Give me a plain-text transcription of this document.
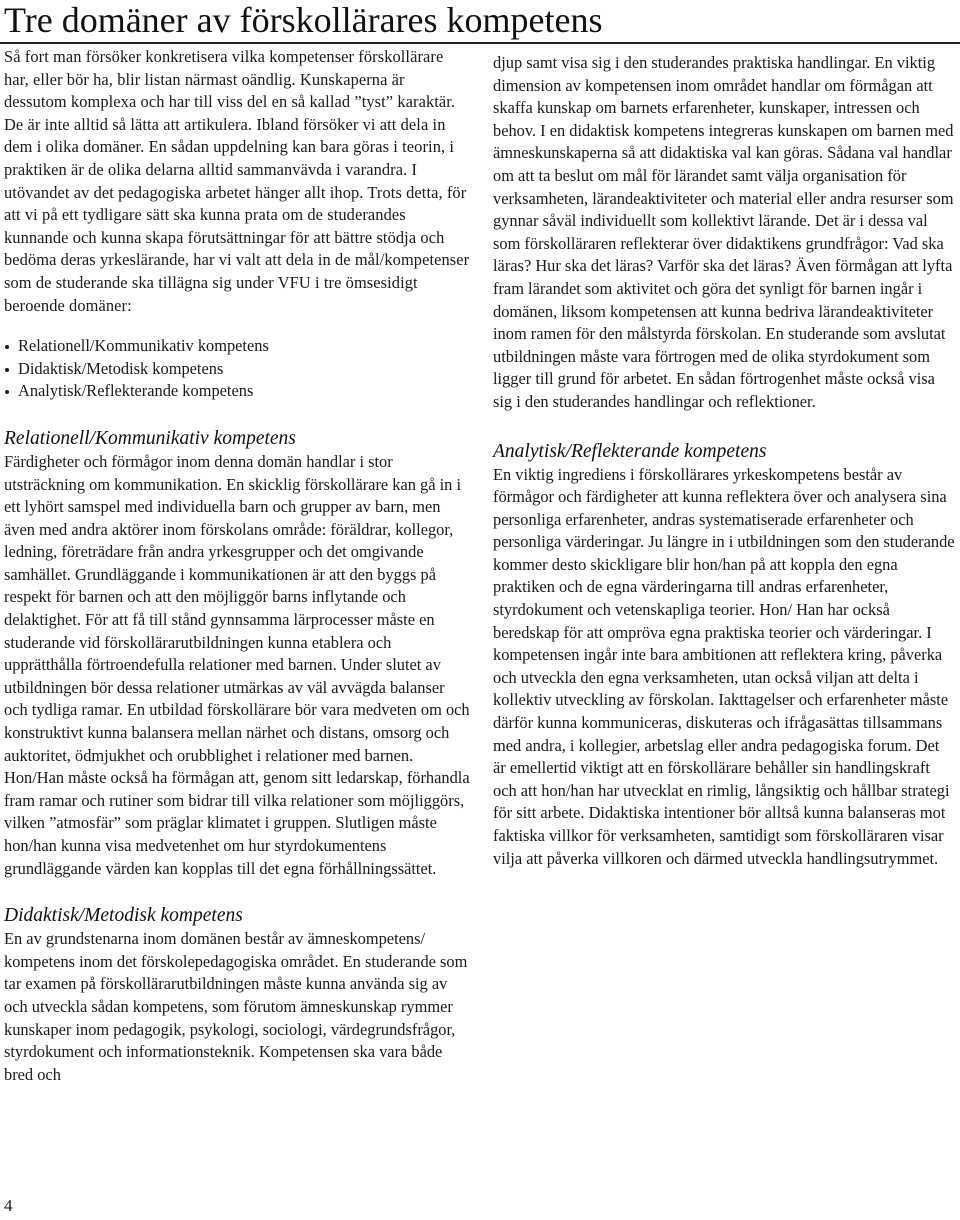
Tre domäner av förskollärares kompetens

Så fort man försöker konkretisera vilka kompetenser förskollärare har, eller bör ha, blir listan närmast oändlig. Kunskaperna är dessutom komplexa och har till viss del en så kallad ”tyst” karaktär. De är inte alltid så lätta att artikulera. Ibland försöker vi att dela in dem i olika domäner. En sådan uppdelning kan bara göras i teorin, i praktiken är de olika delarna alltid sammanvävda i varandra. I utövandet av det pedagogiska arbetet hänger allt ihop. Trots detta, för att vi på ett tydligare sätt ska kunna prata om de studerandes kunnande och kunna skapa förutsättningar för att bättre stödja och bedöma deras yrkeslärande, har vi valt att dela in de mål/kompetenser som de studerande ska tillägna sig under VFU i tre ömsesidigt beroende domäner:

Relationell/Kommunikativ kompetens
Didaktisk/Metodisk kompetens
Analytisk/Reflekterande kompetens
Relationell/Kommunikativ kompetens

Färdigheter och förmågor inom denna domän handlar i stor utsträckning om kommunikation. En skicklig förskollärare kan gå in i ett lyhört samspel med individuella barn och grupper av barn, men även med andra aktörer inom förskolans område: föräldrar, kollegor, ledning, företrädare från andra yrkesgrupper och det omgivande samhället. Grundläggande i kommunikationen är att den byggs på respekt för barnen och att den möjliggör barns inflytande och delaktighet. För att få till stånd gynnsamma lärprocesser måste en studerande vid förskollärarutbildningen kunna etablera och upprätthålla förtroendefulla relationer med barnen. Under slutet av utbildningen bör dessa relationer utmärkas av väl avvägda balanser och tydliga ramar. En utbildad förskollärare bör vara medveten om och konstruktivt kunna balansera mellan närhet och distans, omsorg och auktoritet, ödmjukhet och orubblighet i relationer med barnen. Hon/Han måste också ha förmågan att, genom sitt ledarskap, förhandla fram ramar och rutiner som bidrar till vilka relationer som möjliggörs, vilken ”atmosfär” som präglar klimatet i gruppen. Slutligen måste hon/han kunna visa medvetenhet om hur styrdokumentens grundläggande värden kan kopplas till det egna förhållningssättet.

Didaktisk/Metodisk kompetens

En av grundstenarna inom domänen består av ämneskompetens/ kompetens inom det förskolepedagogiska området. En studerande som tar examen på förskollärarutbildningen måste kunna använda sig av och utveckla sådan kompetens, som förutom ämneskunskap rymmer kunskaper inom pedagogik, psykologi, sociologi, värdegrundsfrågor, styrdokument och informationsteknik. Kompetensen ska vara både bred och

djup samt visa sig i den studerandes praktiska handlingar. En viktig dimension av kompetensen inom området handlar om förmågan att skaffa kunskap om barnets erfarenheter, kunskaper, intressen och behov. I en didaktisk kompetens integreras kunskapen om barnen med ämneskunskaperna så att didaktiska val kan göras. Sådana val handlar om att ta beslut om mål för lärandet samt välja organisation för verksamheten, lärandeaktiviteter och material eller andra resurser som gynnar såväl individuellt som kollektivt lärande. Det är i dessa val som förskolläraren reflekterar över didaktikens grundfrågor: Vad ska läras? Hur ska det läras? Varför ska det läras? Även förmågan att lyfta fram lärandet som aktivitet och göra det synligt för barnen ingår i domänen, liksom kompetensen att kunna bedriva lärandeaktiviteter inom ramen för den målstyrda förskolan. En studerande som avslutat utbildningen måste vara förtrogen med de olika styrdokument som ligger till grund för arbetet. En sådan förtrogenhet måste också visa sig i den studerandes handlingar och reflektioner.

Analytisk/Reflekterande kompetens

En viktig ingrediens i förskollärares yrkeskompetens består av förmågor och färdigheter att kunna reflektera över och analysera sina personliga erfarenheter, andras systematiserade erfarenheter och personliga värderingar. Ju längre in i utbildningen som den studerande kommer desto skickligare blir hon/han på att koppla den egna praktiken och de egna värderingarna till andras erfarenheter, styrdokument och vetenskapliga teorier. Hon/ Han har också beredskap för att ompröva egna praktiska teorier och värderingar. I kompetensen ingår inte bara ambitionen att reflektera kring, påverka och utveckla den egna verksamheten, utan också viljan att delta i kollektiv utveckling av förskolan. Iakttagelser och erfarenheter måste därför kunna kommuniceras, diskuteras och ifrågasättas tillsammans med andra, i kollegier, arbetslag eller andra pedagogiska forum. Det är emellertid viktigt att en förskollärare behåller sin handlingskraft och att hon/han har utvecklat en rimlig, långsiktig och hållbar strategi för sitt arbete. Didaktiska intentioner bör alltså kunna balanseras mot faktiska villkor för verksamheten, samtidigt som förskolläraren visar vilja att påverka villkoren och därmed utveckla handlingsutrymmet.

4
